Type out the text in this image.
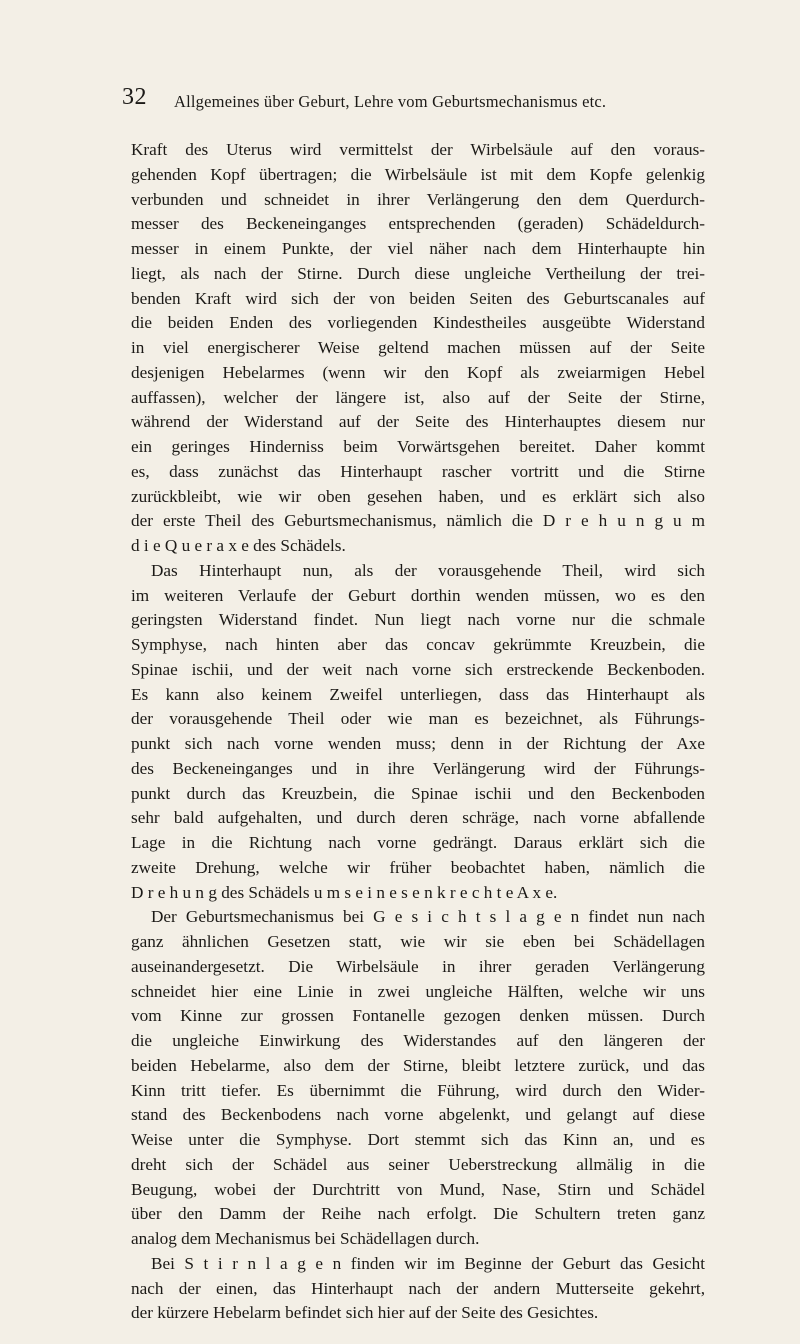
32 Allgemeines über Geburt, Lehre vom Geburtsmechanismus etc.
Kraft des Uterus wird vermittelst der Wirbelsäule auf den voraus-
gehenden Kopf übertragen; die Wirbelsäule ist mit dem Kopfe gelenkig
verbunden und schneidet in ihrer Verlängerung den dem Querdurch-
messer des Beckeneinganges entsprechenden (geraden) Schädeldurch-
messer in einem Punkte, der viel näher nach dem Hinterhaupte hin
liegt, als nach der Stirne. Durch diese ungleiche Vertheilung der trei-
benden Kraft wird sich der von beiden Seiten des Geburtscanales auf
die beiden Enden des vorliegenden Kindestheiles ausgeübte Widerstand
in viel energischerer Weise geltend machen müssen auf der Seite
desjenigen Hebelarmes (wenn wir den Kopf als zweiarmigen Hebel
auffassen), welcher der längere ist, also auf der Seite der Stirne,
während der Widerstand auf der Seite des Hinterhauptes diesem nur
ein geringes Hinderniss beim Vorwärtsgehen bereitet. Daher kommt
es, dass zunächst das Hinterhaupt rascher vortritt und die Stirne
zurückbleibt, wie wir oben gesehen haben, und es erklärt sich also
der erste Theil des Geburtsmechanismus, nämlich die D r e h u n g u m
d i e Q u e r a x e des Schädels.
Das Hinterhaupt nun, als der vorausgehende Theil, wird sich
im weiteren Verlaufe der Geburt dorthin wenden müssen, wo es den
geringsten Widerstand findet. Nun liegt nach vorne nur die schmale
Symphyse, nach hinten aber das concav gekrümmte Kreuzbein, die
Spinae ischii, und der weit nach vorne sich erstreckende Beckenboden.
Es kann also keinem Zweifel unterliegen, dass das Hinterhaupt als
der vorausgehende Theil oder wie man es bezeichnet, als Führungs-
punkt sich nach vorne wenden muss; denn in der Richtung der Axe
des Beckeneinganges und in ihre Verlängerung wird der Führungs-
punkt durch das Kreuzbein, die Spinae ischii und den Beckenboden
sehr bald aufgehalten, und durch deren schräge, nach vorne abfallende
Lage in die Richtung nach vorne gedrängt. Daraus erklärt sich die
zweite Drehung, welche wir früher beobachtet haben, nämlich die
D r e h u n g des Schädels u m s e i n e s e n k r e c h t e A x e.
Der Geburtsmechanismus bei G e s i c h t s l a g e n findet nun nach
ganz ähnlichen Gesetzen statt, wie wir sie eben bei Schädellagen
auseinandergesetzt. Die Wirbelsäule in ihrer geraden Verlängerung
schneidet hier eine Linie in zwei ungleiche Hälften, welche wir uns
vom Kinne zur grossen Fontanelle gezogen denken müssen. Durch
die ungleiche Einwirkung des Widerstandes auf den längeren der
beiden Hebelarme, also dem der Stirne, bleibt letztere zurück, und das
Kinn tritt tiefer. Es übernimmt die Führung, wird durch den Wider-
stand des Beckenbodens nach vorne abgelenkt, und gelangt auf diese
Weise unter die Symphyse. Dort stemmt sich das Kinn an, und es
dreht sich der Schädel aus seiner Ueberstreckung allmälig in die
Beugung, wobei der Durchtritt von Mund, Nase, Stirn und Schädel
über den Damm der Reihe nach erfolgt. Die Schultern treten ganz
analog dem Mechanismus bei Schädellagen durch.
Bei S t i r n l a g e n finden wir im Beginne der Geburt das Gesicht
nach der einen, das Hinterhaupt nach der andern Mutterseite gekehrt,
der kürzere Hebelarm befindet sich hier auf der Seite des Gesichtes.
